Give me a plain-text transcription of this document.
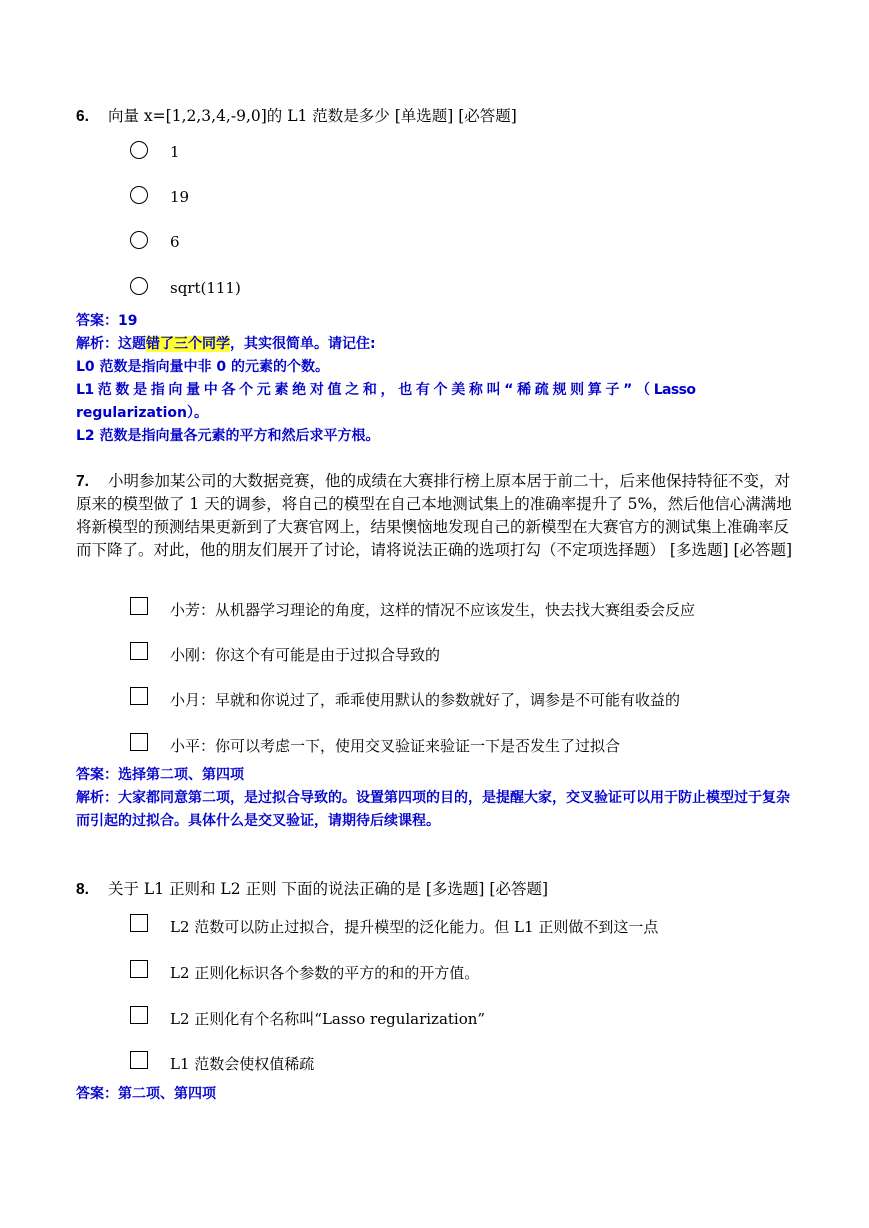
6. 向量 x=[1,2,3,4,-9,0]的 L1 范数是多少 [单选题] [必答题]
1
19
6
sqrt(111)

答案：19

解析：这题错了三个同学，其实很简单。请记住:

L0 范数是指向量中非 0 的元素的个数。

L1 范 数 是 指 向 量 中 各 个 元 素 绝 对 值 之 和 ， 也 有 个 美 称 叫 “ 稀 疏 规 则 算 子 ” （ Lasso

regularization）。

L2 范数是指向量各元素的平方和然后求平方根。

7. 小明参加某公司的大数据竞赛，他的成绩在大赛排行榜上原本居于前二十，后来他保持特征不变，对原来的模型做了 1 天的调参，将自己的模型在自己本地测试集上的准确率提升了 5%，然后他信心满满地将新模型的预测结果更新到了大赛官网上，结果懊恼地发现自己的新模型在大赛官方的测试集上准确率反而下降了。对此，他的朋友们展开了讨论，请将说法正确的选项打勾（不定项选择题） [多选题] [必答题]
小芳：从机器学习理论的角度，这样的情况不应该发生，快去找大赛组委会反应
小刚：你这个有可能是由于过拟合导致的
小月：早就和你说过了，乖乖使用默认的参数就好了，调参是不可能有收益的
小平：你可以考虑一下，使用交叉验证来验证一下是否发生了过拟合

答案：选择第二项、第四项

解析：大家都同意第二项，是过拟合导致的。设置第四项的目的，是提醒大家，交叉验证可以用于防止模型过于复杂而引起的过拟合。具体什么是交叉验证，请期待后续课程。

8. 关于 L1 正则和 L2 正则 下面的说法正确的是 [多选题] [必答题]
L2 范数可以防止过拟合，提升模型的泛化能力。但 L1 正则做不到这一点
L2 正则化标识各个参数的平方的和的开方值。
L2 正则化有个名称叫“Lasso regularization”
L1 范数会使权值稀疏

答案：第二项、第四项
